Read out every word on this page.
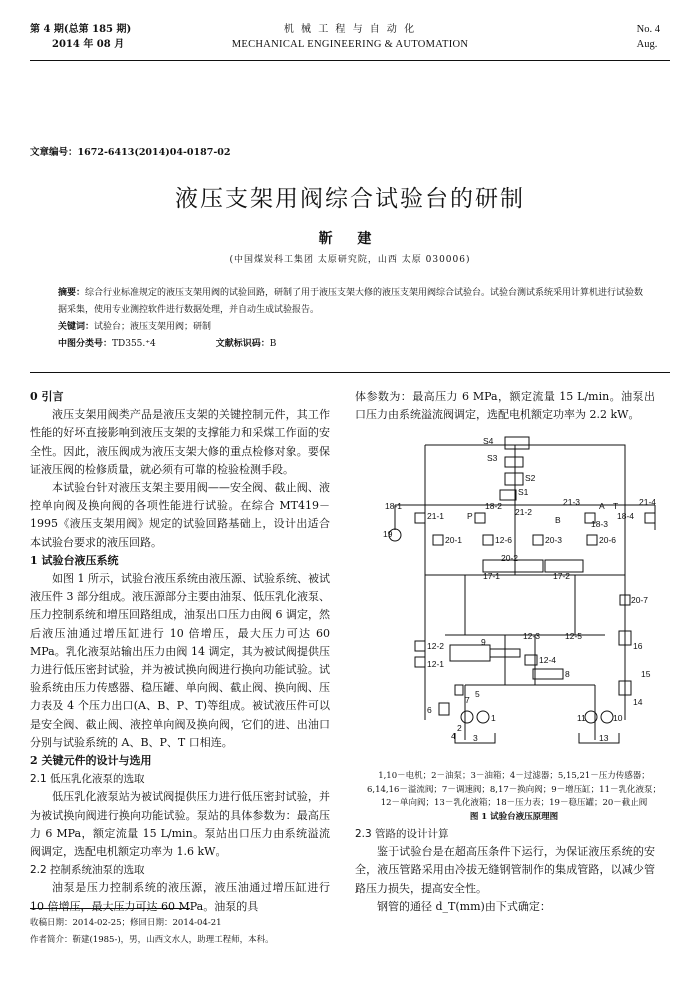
第 4 期(总第 185 期)
2014 年 08 月
机 械 工 程 与 自 动 化
MECHANICAL ENGINEERING & AUTOMATION
No. 4
Aug.
文章编号：1672-6413(2014)04-0187-02
液压支架用阀综合试验台的研制
靳 建
(中国煤炭科工集团 太原研究院，山西 太原 030006)
摘要：综合行业标准规定的液压支架用阀的试验回路，研制了用于液压支架大修的液压支架用阀综合试验台。试验台测试系统采用计算机进行试验数据采集，使用专业测控软件进行数据处理，并自动生成试验报告。
关键词：试验台；液压支架用阀；研制
中图分类号：TD355.⁺4	文献标识码：B
0 引言

液压支架用阀类产品是液压支架的关键控制元件，其工作性能的好坏直接影响到液压支架的支撑能力和采煤工作面的安全性。因此，液压阀成为液压支架大修的重点检修对象。要保证液压阀的检修质量，就必须有可靠的检验检测手段。

本试验台针对液压支架主要用阀——安全阀、截止阀、液控单向阀及换向阀的各项性能进行试验。在综合 MT419－1995《液压支架用阀》规定的试验回路基础上，设计出适合本试验台要求的液压回路。

1 试验台液压系统

如图 1 所示，试验台液压系统由液压源、试验系统、被试液压件 3 部分组成。液压源部分主要由油泵、低压乳化液泵、压力控制系统和增压回路组成，油泵出口压力由阀 6 调定，然后液压油通过增压缸进行 10 倍增压，最大压力可达 60 MPa。乳化液泵站输出压力由阀 14 调定，其为被试阀提供压力进行低压密封试验，并为被试换向阀进行换向功能试验。试验系统由压力传感器、稳压罐、单向阀、截止阀、换向阀、压力表及 4 个压力出口(A、B、P、T)等组成。被试液压件可以是安全阀、截止阀、液控单向阀及换向阀，它们的进、出油口分别与试验系统的 A、B、P、T 口相连。

2 关键元件的设计与选用
2.1 低压乳化液泵的选取

低压乳化液泵站为被试阀提供压力进行低压密封试验，并为被试换向阀进行换向功能试验。泵站的具体参数为：最高压力 6 MPa，额定流量 15 L/min。泵站出口压力由系统溢流阀调定，选配电机额定功率为 1.6 kW。

2.2 控制系统油泵的选取

油泵是压力控制系统的液压源，液压油通过增压缸进行 10 倍增压，最大压力可达 60 MPa。油泵的具

体参数为：最高压力 6 MPa，额定流量 15 L/min。油泵出口压力由系统溢流阀调定，选配电机额定功率为 2.2 kW。
S4
S3
S2
S1
18-1
21-1	P
18-2
21-2
21-3 A T
18-4
21-4
B	18-3
19
20-1	12-6	20-3	20-6
20-2
17-1	17-2
20-7
12-3	12-5
16
12-2	9
12-1	12-4
8	15
7
5
14
6
2
4
1	10
11
3	13
1,10－电机；2－油泵；3－油箱；4－过滤器；5,15,21－压力传感器；
6,14,16－溢流阀；7－调速阀；8,17－换向阀；9－增压缸；11－乳化液泵；
12－单向阀；13－乳化液箱；18－压力表；19－稳压罐；20－截止阀
图 1 试验台液压原理图
2.3 管路的设计计算

鉴于试验台是在超高压条件下运行，为保证液压系统的安全，液压管路采用由冷拔无缝钢管制作的集成管路，以减少管路压力损失，提高安全性。

钢管的通径 d_T(mm)由下式确定：

收稿日期：2014-02-25；修回日期：2014-04-21
作者简介：靳建(1985-)，男，山西文水人，助理工程师，本科。
